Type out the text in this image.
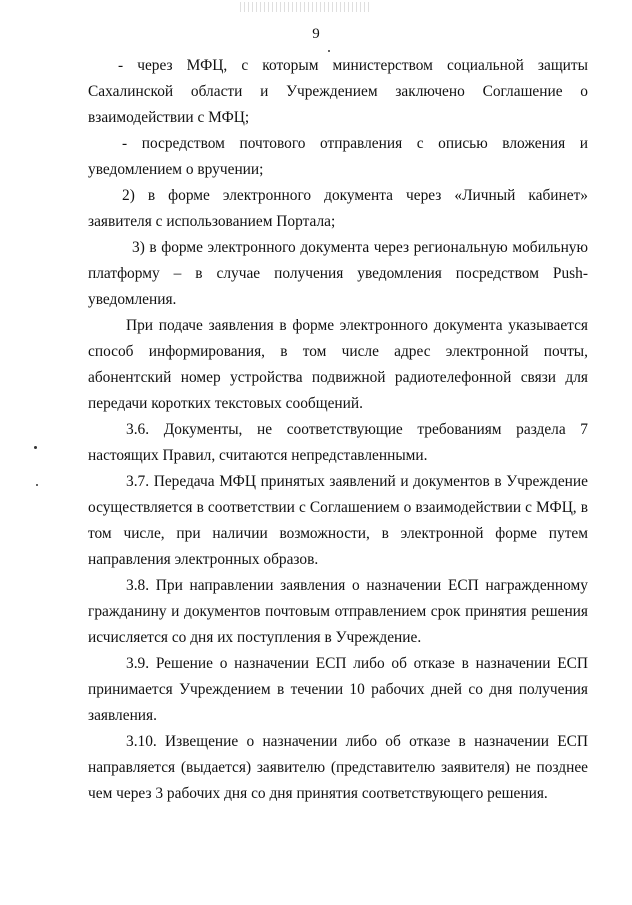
9

- через МФЦ, с которым министерством социальной защиты Сахалинской области и Учреждением заключено Соглашение о взаимодействии с МФЦ;

- посредством почтового отправления с описью вложения и уведомлением о вручении;

2) в форме электронного документа через «Личный кабинет» заявителя с использованием Портала;

3) в форме электронного документа через региональную мобильную платформу – в случае получения уведомления посредством Push-уведомления.

При подаче заявления в форме электронного документа указывается способ информирования, в том числе адрес электронной почты, абонентский номер устройства подвижной радиотелефонной связи для передачи коротких текстовых сообщений.

3.6. Документы, не соответствующие требованиям раздела 7 настоящих Правил, считаются непредставленными.

3.7. Передача МФЦ принятых заявлений и документов в Учреждение осуществляется в соответствии с Соглашением о взаимодействии с МФЦ, в том числе, при наличии возможности, в электронной форме путем направления электронных образов.

3.8. При направлении заявления о назначении ЕСП награжденному гражданину и документов почтовым отправлением срок принятия решения исчисляется со дня их поступления в Учреждение.

3.9. Решение о назначении ЕСП либо об отказе в назначении ЕСП принимается Учреждением в течении 10 рабочих дней со дня получения заявления.

3.10. Извещение о назначении либо об отказе в назначении ЕСП направляется (выдается) заявителю (представителю заявителя) не позднее чем через 3 рабочих дня со дня принятия соответствующего решения.
